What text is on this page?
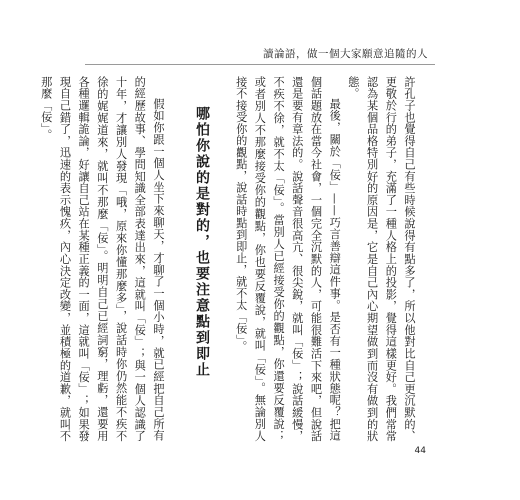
讀論語，做一個大家願意追隨的人

許孔子也覺得自己有些時候說得有點多了，所以他對比自己更沉默的、更敬於行的弟子，充滿了一種人格上的投影，覺得這樣更好。我們常常認為某個品格特別好的原因是，它是自己內心期望做到而沒有做到的狀態。

最後，關於「佞」——巧言善辯這件事。是否有一種狀態呢？把這個話題放在當今社會，一個完全沉默的人，可能很難活下來吧，但說話還是要有章法的。說話聲音很高亢、很尖銳，就叫「佞」；說話緩慢，不疾不徐，就不太「佞」。當別人已經接受你的觀點，你還要反覆說；或者別人不那麼接受你的觀點，你也要反覆說，就叫「佞」。無論別人接不接受你的觀點，說話時點到即止，就不太「佞」。

哪怕你說的是對的，也要注意點到即止

假如你跟一個人坐下來聊天，才聊了一個小時，就已經把自己所有的經歷故事、學問知識全部表達出來，這就叫「佞」；與一個人認識了十年，才讓別人發現「哦，原來你懂那麼多」，說話時你仍然能不疾不徐的娓娓道來，就叫不那麼「佞」。明明自己已經詞窮，理虧，還要用各種邏輯詭論，好讓自己站在某種正義的一面，這就叫「佞」；如果發現自己錯了，迅速的表示愧疚，內心決定改變，並積極的道歉，就叫不那麼「佞」。

44
